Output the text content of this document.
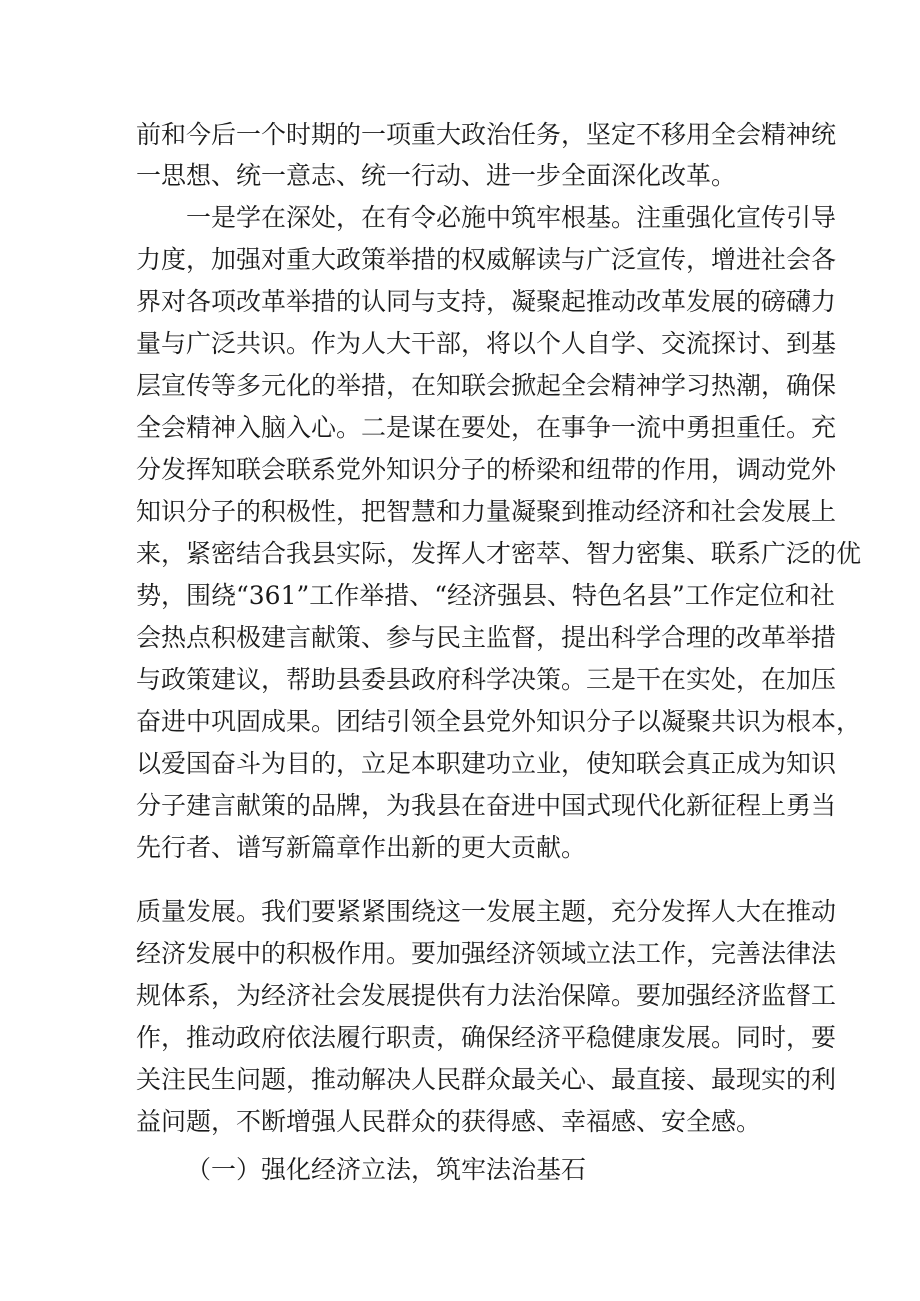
前和今后一个时期的一项重大政治任务，坚定不移用全会精神统
一思想、统一意志、统一行动、进一步全面深化改革。
一是学在深处，在有令必施中筑牢根基。注重强化宣传引导
力度，加强对重大政策举措的权威解读与广泛宣传，增进社会各
界对各项改革举措的认同与支持，凝聚起推动改革发展的磅礴力
量与广泛共识。作为人大干部，将以个人自学、交流探讨、到基
层宣传等多元化的举措，在知联会掀起全会精神学习热潮，确保
全会精神入脑入心。二是谋在要处，在事争一流中勇担重任。充
分发挥知联会联系党外知识分子的桥梁和纽带的作用，调动党外
知识分子的积极性，把智慧和力量凝聚到推动经济和社会发展上
来，紧密结合我县实际，发挥人才密萃、智力密集、联系广泛的优
势，围绕“361”工作举措、“经济强县、特色名县”工作定位和社
会热点积极建言献策、参与民主监督，提出科学合理的改革举措
与政策建议，帮助县委县政府科学决策。三是干在实处，在加压
奋进中巩固成果。团结引领全县党外知识分子以凝聚共识为根本，
以爱国奋斗为目的，立足本职建功立业，使知联会真正成为知识
分子建言献策的品牌，为我县在奋进中国式现代化新征程上勇当
先行者、谱写新篇章作出新的更大贡献。
质量发展。我们要紧紧围绕这一发展主题，充分发挥人大在推动
经济发展中的积极作用。要加强经济领域立法工作，完善法律法
规体系，为经济社会发展提供有力法治保障。要加强经济监督工
作，推动政府依法履行职责，确保经济平稳健康发展。同时，要
关注民生问题，推动解决人民群众最关心、最直接、最现实的利
益问题，不断增强人民群众的获得感、幸福感、安全感。
（一）强化经济立法，筑牢法治基石
